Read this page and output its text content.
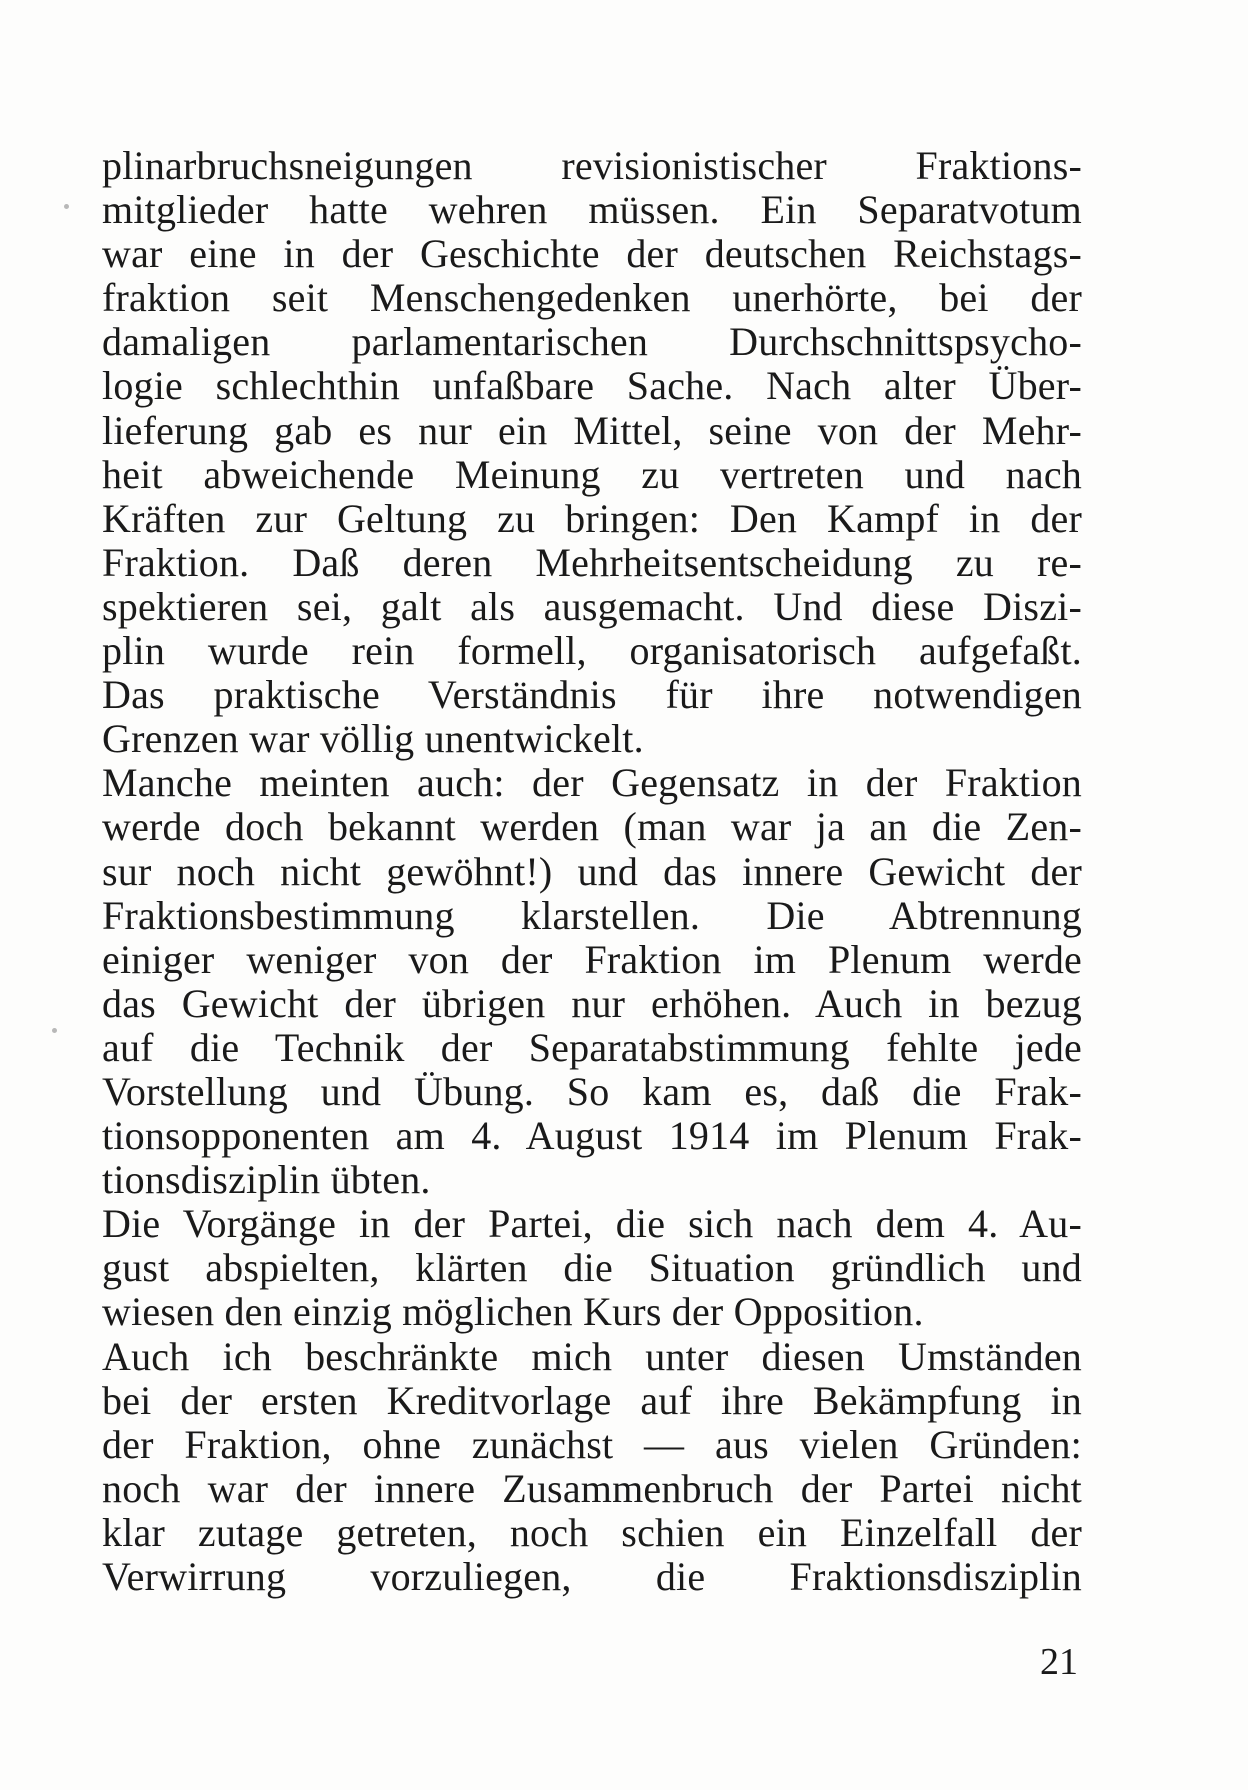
plinarbruchsneigungen revisionistischer Fraktions-
mitglieder hatte wehren müssen. Ein Separatvotum
war eine in der Geschichte der deutschen Reichstags-
fraktion seit Menschengedenken unerhörte, bei der
damaligen parlamentarischen Durchschnittspsycho-
logie schlechthin unfaßbare Sache. Nach alter Über-
lieferung gab es nur ein Mittel, seine von der Mehr-
heit abweichende Meinung zu vertreten und nach
Kräften zur Geltung zu bringen: Den Kampf in der
Fraktion. Daß deren Mehrheitsentscheidung zu re-
spektieren sei, galt als ausgemacht. Und diese Diszi-
plin wurde rein formell, organisatorisch aufgefaßt.
Das praktische Verständnis für ihre notwendigen
Grenzen war völlig unentwickelt.
Manche meinten auch: der Gegensatz in der Fraktion
werde doch bekannt werden (man war ja an die Zen-
sur noch nicht gewöhnt!) und das innere Gewicht der
Fraktionsbestimmung klarstellen. Die Abtrennung
einiger weniger von der Fraktion im Plenum werde
das Gewicht der übrigen nur erhöhen. Auch in bezug
auf die Technik der Separatabstimmung fehlte jede
Vorstellung und Übung. So kam es, daß die Frak-
tionsopponenten am 4. August 1914 im Plenum Frak-
tionsdisziplin übten.
Die Vorgänge in der Partei, die sich nach dem 4. Au-
gust abspielten, klärten die Situation gründlich und
wiesen den einzig möglichen Kurs der Opposition.
Auch ich beschränkte mich unter diesen Umständen
bei der ersten Kreditvorlage auf ihre Bekämpfung in
der Fraktion, ohne zunächst — aus vielen Gründen:
noch war der innere Zusammenbruch der Partei nicht
klar zutage getreten, noch schien ein Einzelfall der
Verwirrung vorzuliegen, die Fraktionsdisziplin
21
